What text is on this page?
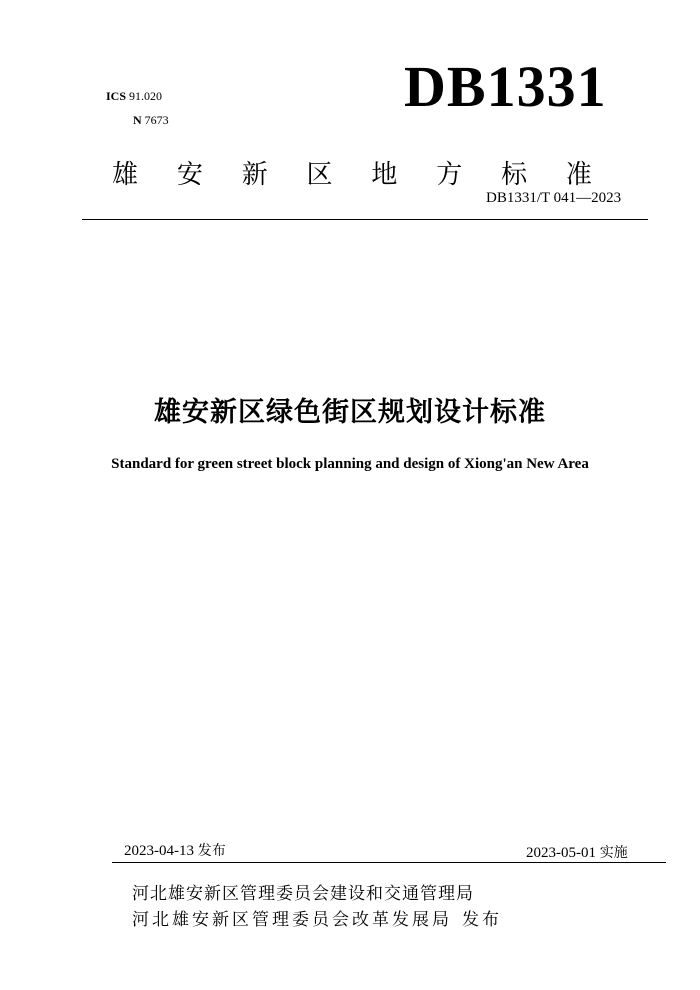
ICS 91.020
N 7673
DB1331
雄 安 新 区 地 方 标 准
DB1331/T 041—2023
雄安新区绿色街区规划设计标准
Standard for green street block planning and design of Xiong'an New Area
2023-04-13 发布	2023-05-01 实施
河北雄安新区管理委员会建设和交通管理局
河北雄安新区管理委员会改革发展局 发布
